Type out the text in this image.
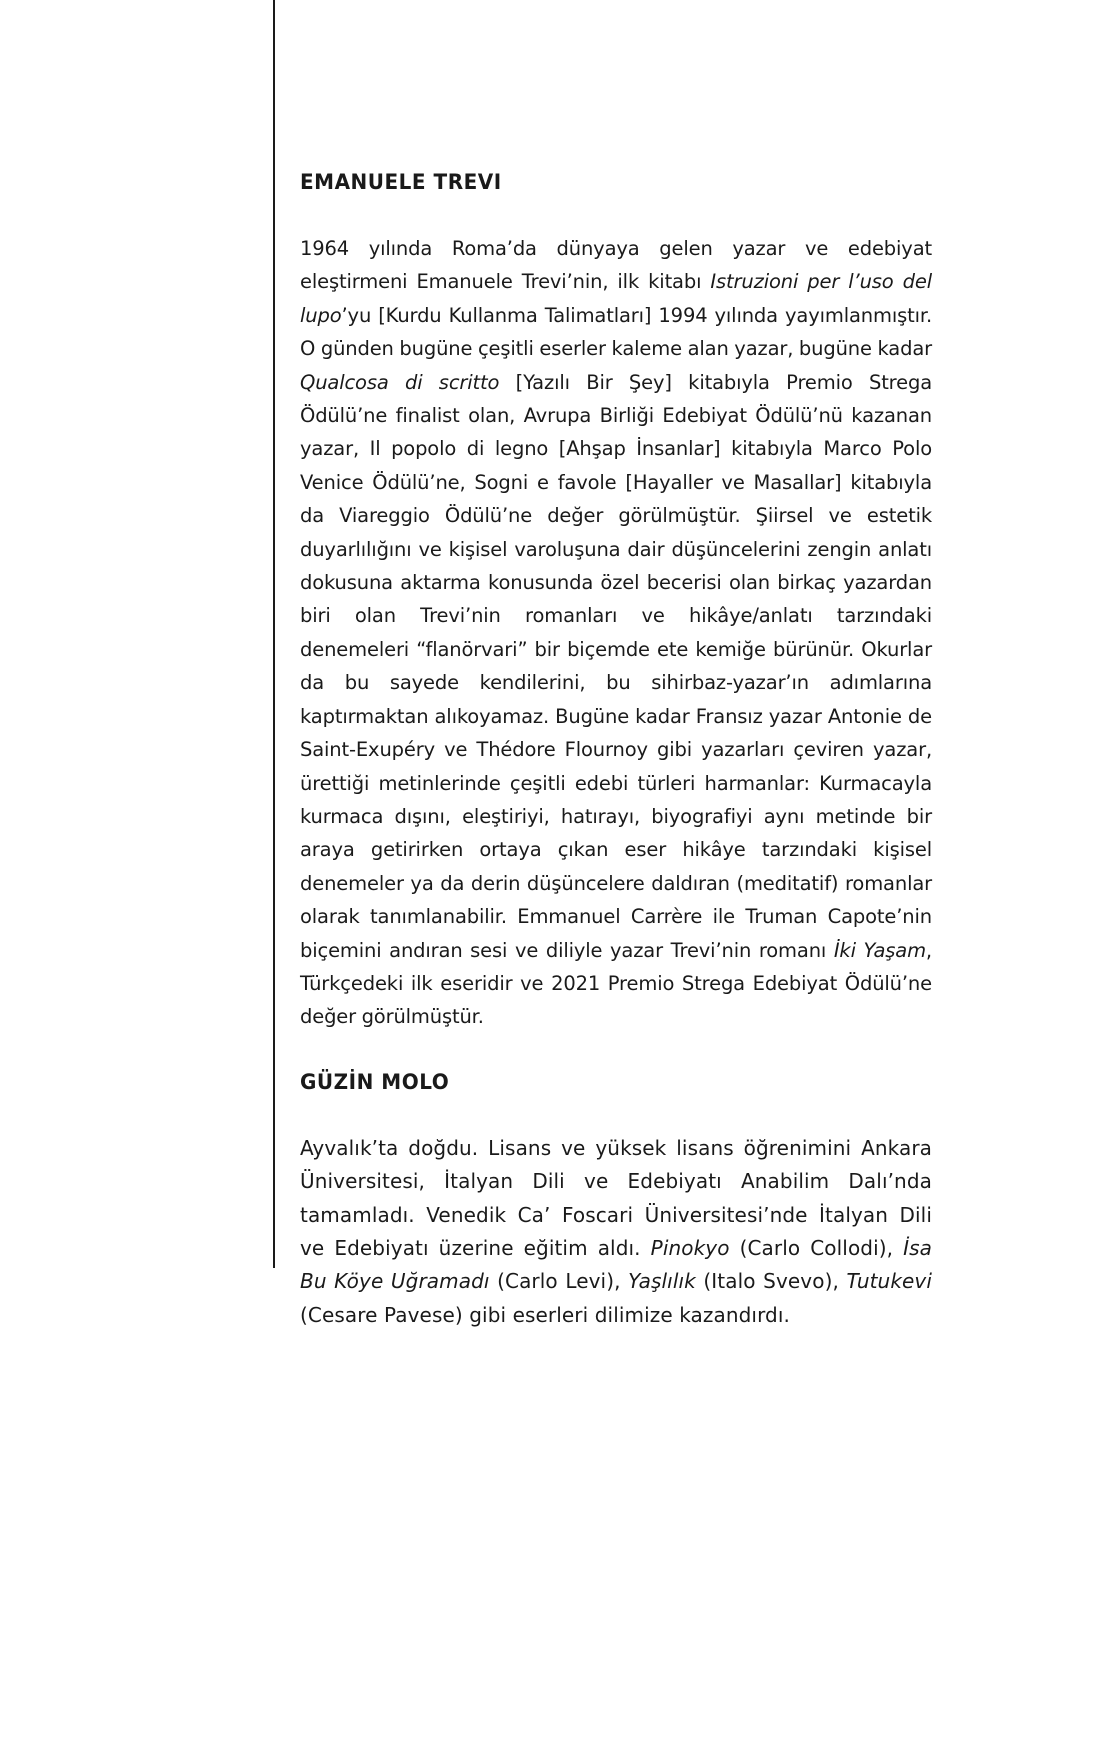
EMANUELE TREVI

1964 yılında Roma’da dünyaya gelen yazar ve edebiyat eleştirmeni Emanuele Trevi’nin, ilk kitabı Istruzioni per l’uso del lupo’yu [Kurdu Kullanma Talimatları] 1994 yılında yayımlanmıştır. O günden bugüne çeşitli eserler kaleme alan yazar, bugüne kadar Qualcosa di scritto [Yazılı Bir Şey] kitabıyla Premio Strega Ödülü’ne finalist olan, Avrupa Birliği Edebiyat Ödülü’nü kazanan yazar, Il popolo di legno [Ahşap İnsanlar] kitabıyla Marco Polo Venice Ödülü’ne, Sogni e favole [Hayaller ve Masallar] kitabıyla da Viareggio Ödülü’ne değer görülmüştür. Şiirsel ve estetik duyarlılığını ve kişisel varoluşuna dair düşüncelerini zengin anlatı dokusuna aktarma konusunda özel becerisi olan birkaç yazardan biri olan Trevi’nin romanları ve hikâye/anlatı tarzındaki denemeleri “flanörvari” bir biçemde ete kemiğe bürünür. Okurlar da bu sayede kendilerini, bu sihirbaz-yazar’ın adımlarına kaptırmaktan alıkoyamaz. Bugüne kadar Fransız yazar Antonie de Saint-Exupéry ve Thédore Flournoy gibi yazarları çeviren yazar, ürettiği metinlerinde çeşitli edebi türleri harmanlar: Kurmacayla kurmaca dışını, eleştiriyi, hatırayı, biyografiyi aynı metinde bir araya getirirken ortaya çıkan eser hikâye tarzındaki kişisel denemeler ya da derin düşüncelere daldıran (meditatif) romanlar olarak tanımlanabilir. Emmanuel Carrère ile Truman Capote’nin biçemini andıran sesi ve diliyle yazar Trevi’nin romanı İki Yaşam, Türkçedeki ilk eseridir ve 2021 Premio Strega Edebiyat Ödülü’ne değer görülmüştür.

GÜZİN MOLO

Ayvalık’ta doğdu. Lisans ve yüksek lisans öğrenimini Ankara Üniversitesi, İtalyan Dili ve Edebiyatı Anabilim Dalı’nda tamamladı. Venedik Ca’ Foscari Üniversitesi’nde İtalyan Dili ve Edebiyatı üzerine eğitim aldı. Pinokyo (Carlo Collodi), İsa Bu Köye Uğramadı (Carlo Levi), Yaşlılık (Italo Svevo), Tutukevi (Cesare Pavese) gibi eserleri dilimize kazandırdı.
